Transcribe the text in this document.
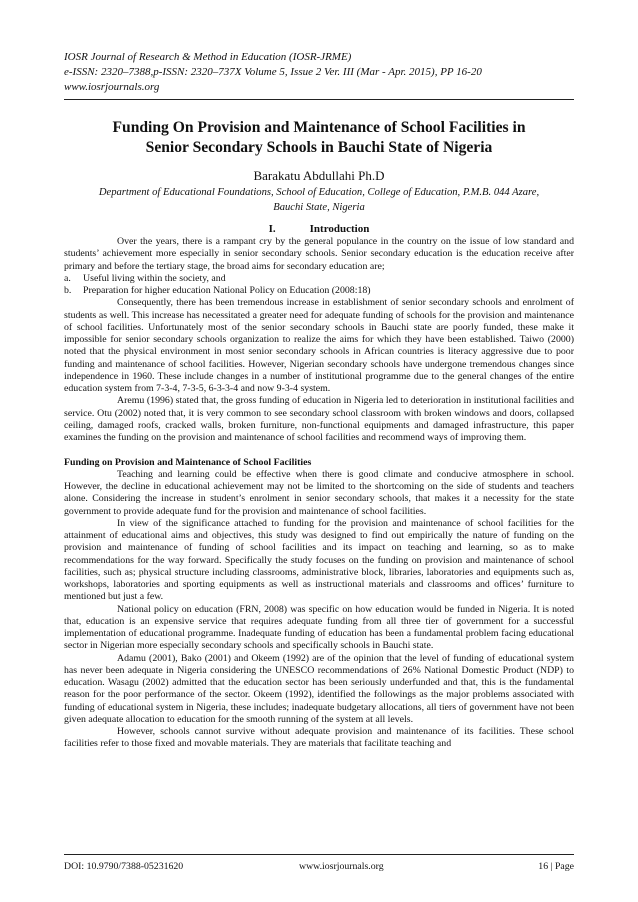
IOSR Journal of Research & Method in Education (IOSR-JRME)
e-ISSN: 2320–7388,p-ISSN: 2320–737X Volume 5, Issue 2 Ver. III (Mar - Apr. 2015), PP 16-20
www.iosrjournals.org
Funding On Provision and Maintenance of School Facilities in
Senior Secondary Schools in Bauchi State of Nigeria
Barakatu Abdullahi Ph.D
Department of Educational Foundations, School of Education, College of Education, P.M.B. 044 Azare,
Bauchi State, Nigeria
I.	Introduction

Over the years, there is a rampant cry by the general populance in the country on the issue of low standard and students’ achievement more especially in senior secondary schools. Senior secondary education is the education receive after primary and before the tertiary stage, the broad aims for secondary education are;

a.	Useful living within the society, and

b.	Preparation for higher education National Policy on Education (2008:18)

Consequently, there has been tremendous increase in establishment of senior secondary schools and enrolment of students as well. This increase has necessitated a greater need for adequate funding of schools for the provision and maintenance of school facilities. Unfortunately most of the senior secondary schools in Bauchi state are poorly funded, these make it impossible for senior secondary schools organization to realize the aims for which they have been established. Taiwo (2000) noted that the physical environment in most senior secondary schools in African countries is literacy aggressive due to poor funding and maintenance of school facilities. However, Nigerian secondary schools have undergone tremendous changes since independence in 1960. These include changes in a number of institutional programme due to the general changes of the entire education system from 7-3-4, 7-3-5, 6-3-3-4 and now 9-3-4 system.

Aremu (1996) stated that, the gross funding of education in Nigeria led to deterioration in institutional facilities and service. Otu (2002) noted that, it is very common to see secondary school classroom with broken windows and doors, collapsed ceiling, damaged roofs, cracked walls, broken furniture, non-functional equipments and damaged infrastructure, this paper examines the funding on the provision and maintenance of school facilities and recommend ways of improving them.

Funding on Provision and Maintenance of School Facilities

Teaching and learning could be effective when there is good climate and conducive atmosphere in school. However, the decline in educational achievement may not be limited to the shortcoming on the side of students and teachers alone. Considering the increase in student’s enrolment in senior secondary schools, that makes it a necessity for the state government to provide adequate fund for the provision and maintenance of school facilities.

In view of the significance attached to funding for the provision and maintenance of school facilities for the attainment of educational aims and objectives, this study was designed to find out empirically the nature of funding on the provision and maintenance of funding of school facilities and its impact on teaching and learning, so as to make recommendations for the way forward. Specifically the study focuses on the funding on provision and maintenance of school facilities, such as; physical structure including classrooms, administrative block, libraries, laboratories and equipments such as, workshops, laboratories and sporting equipments as well as instructional materials and classrooms and offices’ furniture to mentioned but just a few.

National policy on education (FRN, 2008) was specific on how education would be funded in Nigeria. It is noted that, education is an expensive service that requires adequate funding from all three tier of government for a successful implementation of educational programme. Inadequate funding of education has been a fundamental problem facing educational sector in Nigerian more especially secondary schools and specifically schools in Bauchi state.

Adamu (2001), Bako (2001) and Okeem (1992) are of the opinion that the level of funding of educational system has never been adequate in Nigeria considering the UNESCO recommendations of 26% National Domestic Product (NDP) to education. Wasagu (2002) admitted that the education sector has been seriously underfunded and that, this is the fundamental reason for the poor performance of the sector. Okeem (1992), identified the followings as the major problems associated with funding of educational system in Nigeria, these includes; inadequate budgetary allocations, all tiers of government have not been given adequate allocation to education for the smooth running of the system at all levels.

However, schools cannot survive without adequate provision and maintenance of its facilities. These school facilities refer to those fixed and movable materials. They are materials that facilitate teaching and

DOI: 10.9790/7388-05231620	www.iosrjournals.org	16 | Page
